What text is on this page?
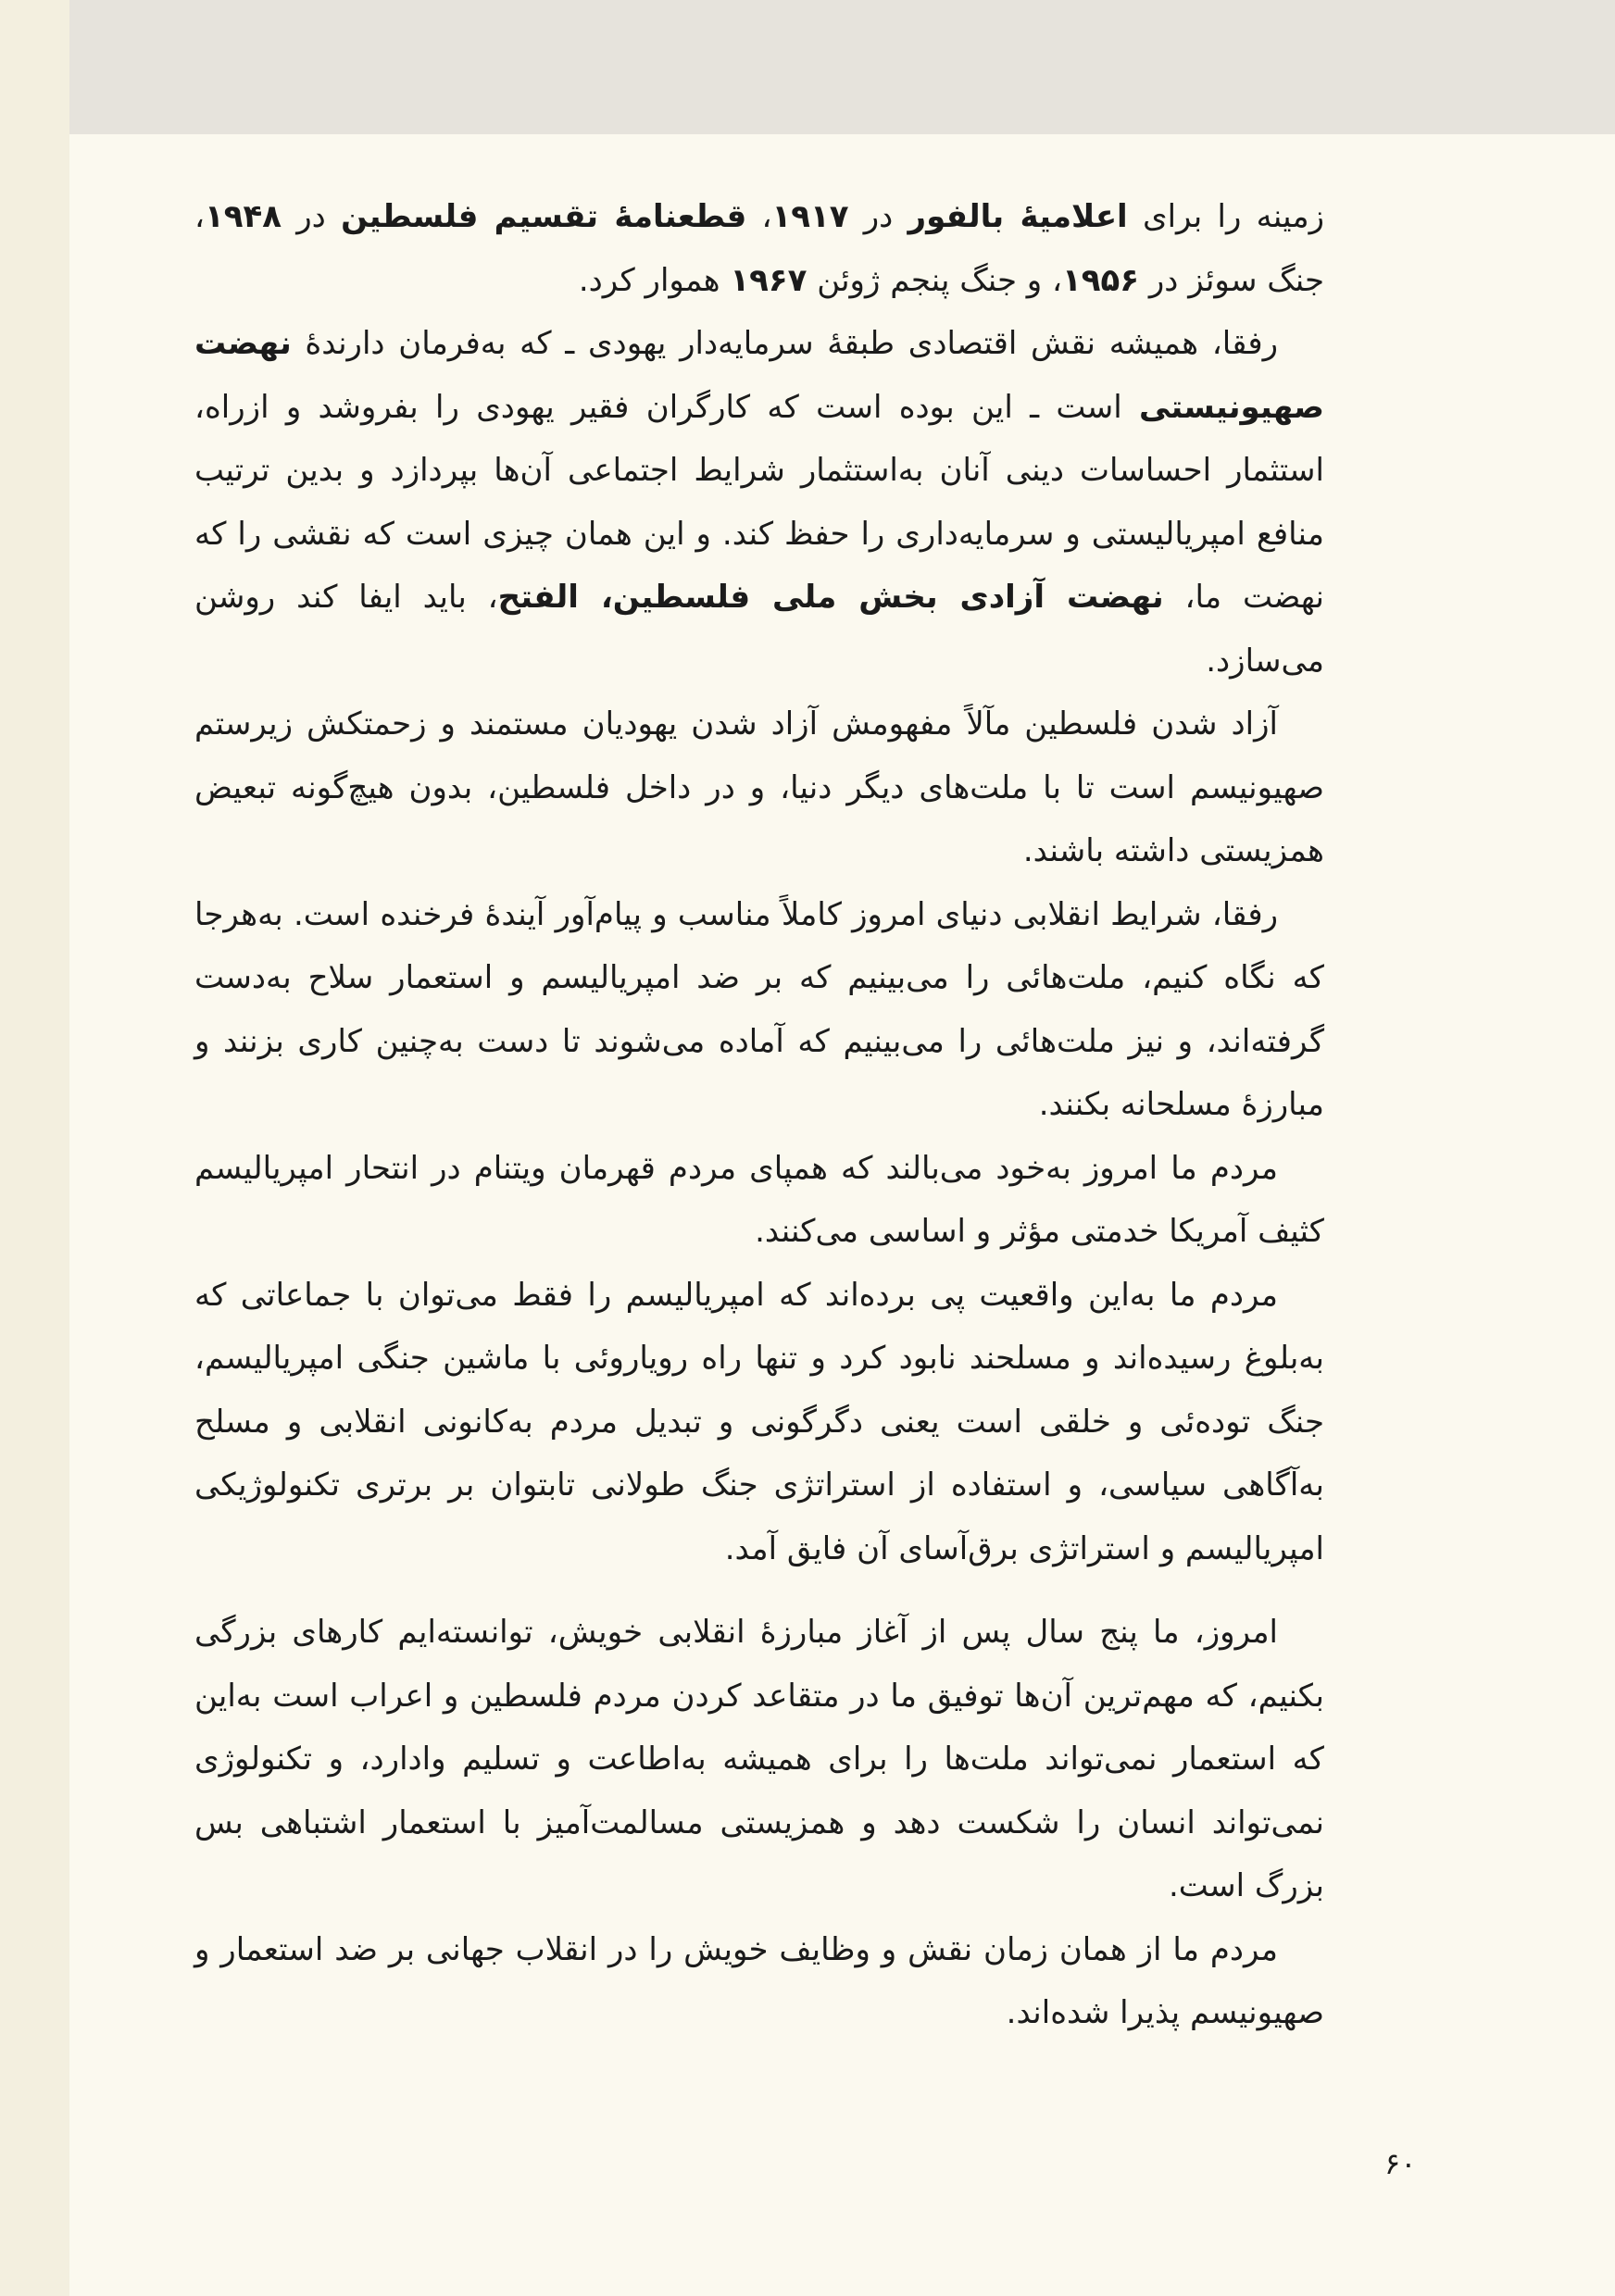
زمینه را برای اعلامیهٔ بالفور در ۱۹۱۷، قطعنامهٔ تقسیم فلسطین در ۱۹۴۸، جنگ سوئز در ۱۹۵۶، و جنگ پنجم ژوئن ۱۹۶۷ هموار کرد.

رفقا، همیشه نقش اقتصادی طبقهٔ سرمایه‌دار یهودی ـ که به‌فرمان دارندهٔ نهضت صهیونیستی است ـ این بوده است که کارگران فقیر یهودی را بفروشد و ازراه، استثمار احساسات دینی آنان به‌استثمار شرایط اجتماعی آن‌ها بپردازد و بدین ترتیب منافع امپریالیستی و سرمایه‌داری را حفظ کند. و این همان چیزی است که نقشی را که نهضت ما، نهضت آزادی بخش ملی فلسطین، الفتح، باید ایفا کند روشن می‌سازد.

آزاد شدن فلسطین مآلاً مفهومش آزاد شدن یهودیان مستمند و زحمتکش زیرستم صهیونیسم است تا با ملت‌های دیگر دنیا، و در داخل فلسطین، بدون هیچ‌گونه تبعیض همزیستی داشته باشند.

رفقا، شرایط انقلابی دنیای امروز کاملاً مناسب و پیام‌آور آیندهٔ فرخنده است. به‌هرجا که نگاه کنیم، ملت‌هائی را می‌بینیم که بر ضد امپریالیسم و استعمار سلاح به‌دست گرفته‌اند، و نیز ملت‌هائی را می‌بینیم که آماده می‌شوند تا دست به‌چنین کاری بزنند و مبارزهٔ مسلحانه بکنند.

مردم ما امروز به‌خود می‌بالند که همپای مردم قهرمان ویتنام در انتحار امپریالیسم کثیف آمریکا خدمتی مؤثر و اساسی می‌کنند.

مردم ما به‌این واقعیت پی برده‌اند که امپریالیسم را فقط می‌توان با جماعاتی که به‌بلوغ رسیده‌اند و مسلحند نابود کرد و تنها راه رویاروئی با ماشین جنگی امپریالیسم، جنگ توده‌ئی و خلقی است یعنی دگرگونی و تبدیل مردم به‌کانونی انقلابی و مسلح به‌آگاهی سیاسی، و استفاده از استراتژی جنگ طولانی تابتوان بر برتری تکنولوژیکی امپریالیسم و استراتژی برق‌آسای آن فایق آمد.

امروز، ما پنج سال پس از آغاز مبارزهٔ انقلابی خویش، توانسته‌ایم کارهای بزرگی بکنیم، که مهم‌ترین آن‌ها توفیق ما در متقاعد کردن مردم فلسطین و اعراب است به‌این که استعمار نمی‌تواند ملت‌ها را برای همیشه به‌اطاعت و تسلیم وادارد، و تکنولوژی نمی‌تواند انسان را شکست دهد و همزیستی مسالمت‌آمیز با استعمار اشتباهی بس بزرگ است.

مردم ما از همان زمان نقش و وظایف خویش را در انقلاب جهانی بر ضد استعمار و صهیونیسم پذیرا شده‌اند.

۶۰
